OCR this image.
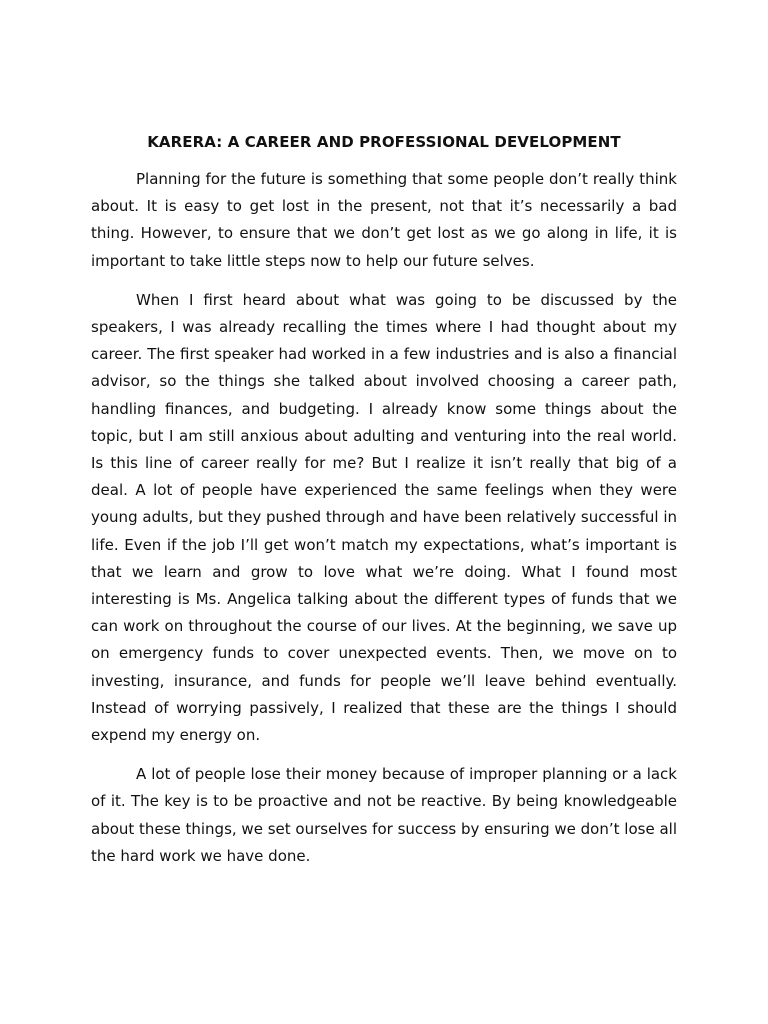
KARERA: A CAREER AND PROFESSIONAL DEVELOPMENT

Planning for the future is something that some people don’t really think about. It is easy to get lost in the present, not that it’s necessarily a bad thing. However, to ensure that we don’t get lost as we go along in life, it is important to take little steps now to help our future selves.

When I first heard about what was going to be discussed by the speakers, I was already recalling the times where I had thought about my career. The first speaker had worked in a few industries and is also a financial advisor, so the things she talked about involved choosing a career path, handling finances, and budgeting. I already know some things about the topic, but I am still anxious about adulting and venturing into the real world. Is this line of career really for me? But I realize it isn’t really that big of a deal. A lot of people have experienced the same feelings when they were young adults, but they pushed through and have been relatively successful in life. Even if the job I’ll get won’t match my expectations, what’s important is that we learn and grow to love what we’re doing. What I found most interesting is Ms. Angelica talking about the different types of funds that we can work on throughout the course of our lives. At the beginning, we save up on emergency funds to cover unexpected events. Then, we move on to investing, insurance, and funds for people we’ll leave behind eventually. Instead of worrying passively, I realized that these are the things I should expend my energy on.

A lot of people lose their money because of improper planning or a lack of it. The key is to be proactive and not be reactive. By being knowledgeable about these things, we set ourselves for success by ensuring we don’t lose all the hard work we have done.
